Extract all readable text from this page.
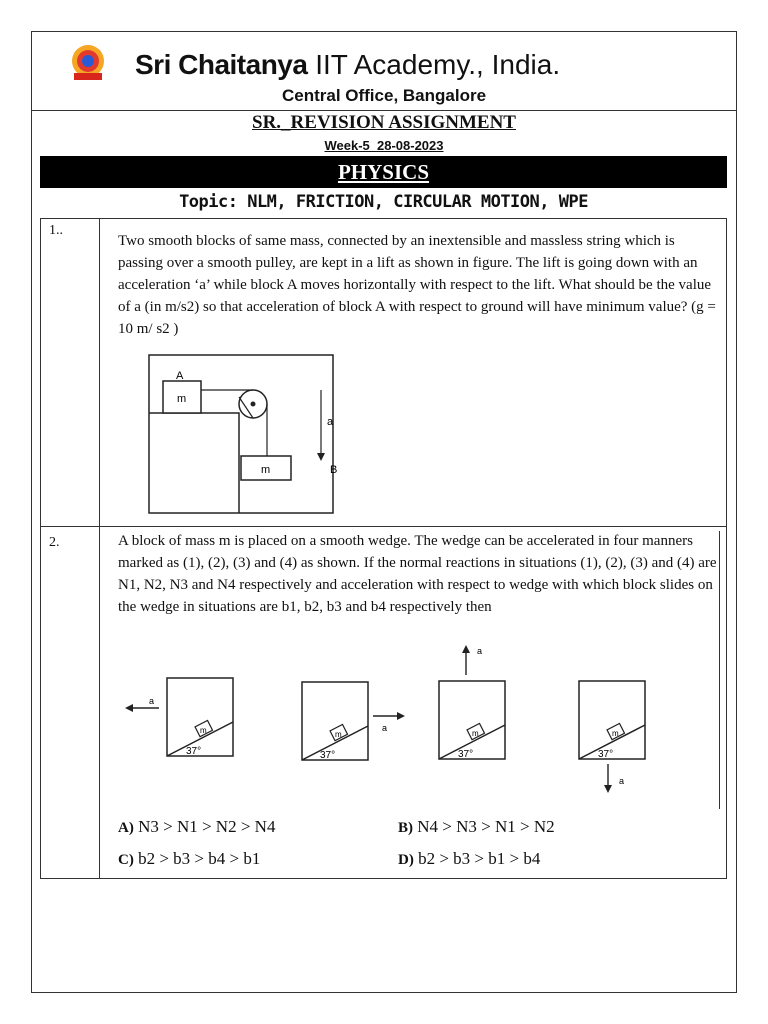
Sri Chaitanya IIT Academy., India.
Central Office, Bangalore
SR._REVISION ASSIGNMENT
Week-5_28-08-2023
PHYSICS
Topic: NLM, FRICTION, CIRCULAR MOTION, WPE
1..
Two smooth blocks of same mass, connected by an inextensible and massless string which is passing over a smooth pulley, are kept in a lift as shown in figure. The lift is going down with an acceleration ‘a’ while block A moves horizontally with respect to the lift. What should be the value of a (in m/s2) so that acceleration of block A with respect to ground will have minimum value? (g = 10 m/ s2 )
A
m
m	B
a
2.	A block of mass m is placed on a smooth wedge. The wedge can be accelerated in four manners marked as (1), (2), (3) and (4) as shown. If the normal reactions in situations (1), (2), (3) and (4) are N1, N2, N3 and N4 respectively and acceleration with respect to wedge with which block slides on the wedge in situations are b1, b2, b3 and b4 respectively then
m
37°
a
m
37°
a
m
37°
a
m
37°
a
A) N3 > N1 > N2 > N4	B) N4 > N3 > N1 > N2
C) b2 > b3 > b4 > b1	D) b2 > b3 > b1 > b4
